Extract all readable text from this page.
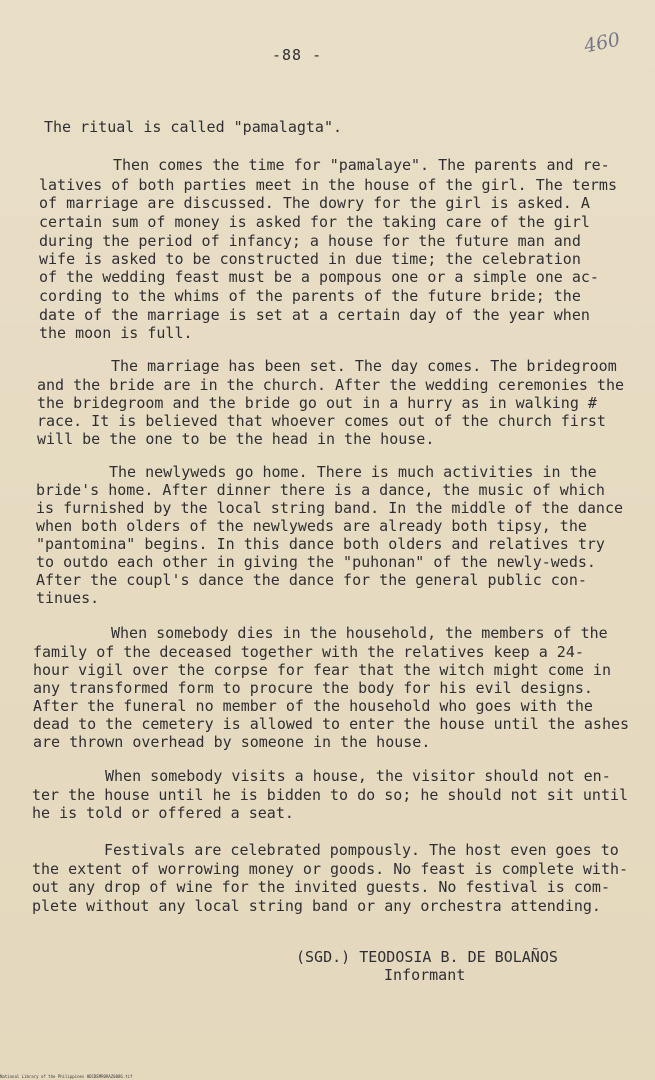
-88 -	460
The ritual is called "pamalagta".
Then comes the time for "pamalaye". The parents and re-
latives of both parties meet in the house of the girl. The terms
of marriage are discussed. The dowry for the girl is asked. A
certain sum of money is asked for the taking care of the girl
during the period of infancy; a house for the future man and
wife is asked to be constructed in due time; the celebration
of the wedding feast must be a pompous one or a simple one ac-
cording to the whims of the parents of the future bride; the
date of the marriage is set at a certain day of the year when
the moon is full.
The marriage has been set. The day comes. The bridegroom
and the bride are in the church. After the wedding ceremonies the
the bridegroom and the bride go out in a hurry as in walking #
race. It is believed that whoever comes out of the church first
will be the one to be the head in the house.
The newlyweds go home. There is much activities in the
bride's home. After dinner there is a dance, the music of which
is furnished by the local string band. In the middle of the dance
when both olders of the newlyweds are already both tipsy, the
"pantomina" begins. In this dance both olders and relatives try
to outdo each other in giving the "puhonan" of the newly-weds.
After the coupl's dance the dance for the general public con-
tinues.
When somebody dies in the household, the members of the
family of the deceased together with the relatives keep a 24-
hour vigil over the corpse for fear that the witch might come in
any transformed form to procure the body for his evil designs.
After the funeral no member of the household who goes with the
dead to the cemetery is allowed to enter the house until the ashes
are thrown overhead by someone in the house.
When somebody visits a house, the visitor should not en-
ter the house until he is bidden to do so; he should not sit until
he is told or offered a seat.
Festivals are celebrated pompously. The host even goes to
the extent of worrowing money or goods. No feast is complete with-
out any drop of wine for the invited guests. No festival is com-
plete without any local string band or any orchestra attending.
(SGD.) TEODOSIA B. DE BOLAÑOS
Informant
National Library of the Philippines HDCBEMR0RAZ0086.tif
